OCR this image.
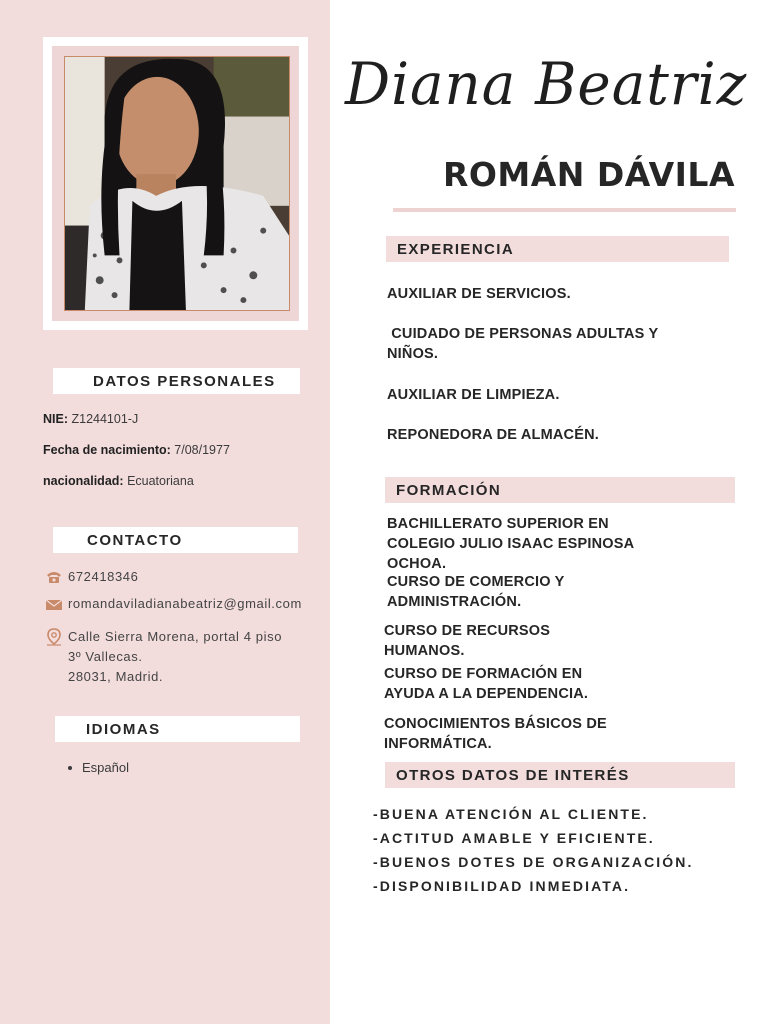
DATOS PERSONALES
NIE: Z1244101-J
Fecha de nacimiento: 7/08/1977
nacionalidad: Ecuatoriana
CONTACTO
672418346
romandaviladianabeatriz@gmail.com
Calle Sierra Morena, portal 4 piso
3º Vallecas.
28031, Madrid.
IDIOMAS
Español
Diana Beatriz
ROMÁN DÁVILA
EXPERIENCIA
AUXILIAR DE SERVICIOS.
CUIDADO DE PERSONAS ADULTAS Y
NIÑOS.
AUXILIAR DE LIMPIEZA.
REPONEDORA DE ALMACÉN.
FORMACIÓN
BACHILLERATO SUPERIOR EN
COLEGIO JULIO ISAAC ESPINOSA
OCHOA.
CURSO DE COMERCIO Y
ADMINISTRACIÓN.
CURSO DE RECURSOS
HUMANOS.
CURSO DE FORMACIÓN EN
AYUDA A LA DEPENDENCIA.
CONOCIMIENTOS BÁSICOS DE
INFORMÁTICA.
OTROS DATOS DE INTERÉS
-BUENA ATENCIÓN AL CLIENTE.
-ACTITUD AMABLE Y EFICIENTE.
-BUENOS DOTES DE ORGANIZACIÓN.
-DISPONIBILIDAD INMEDIATA.
